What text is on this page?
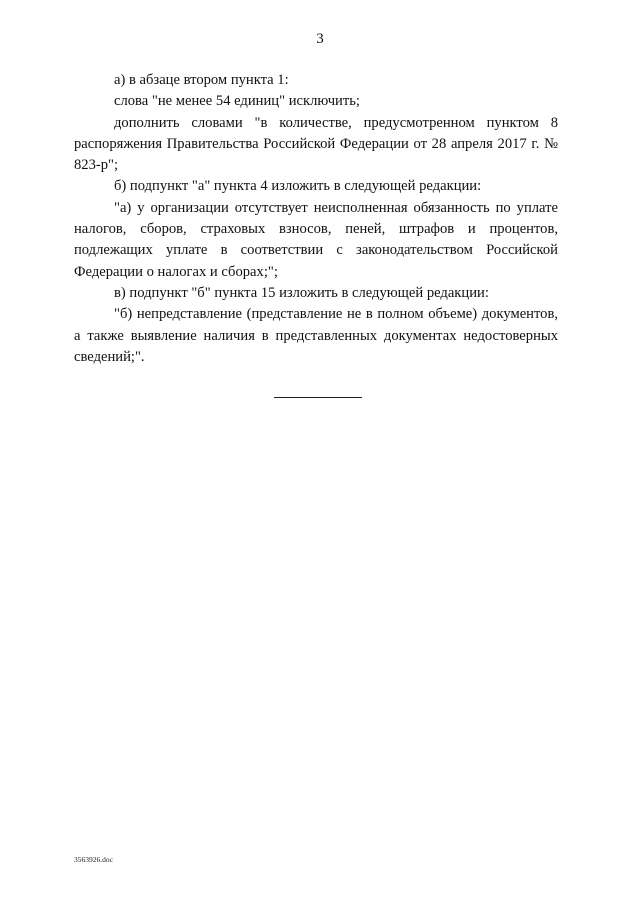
3

а) в абзаце втором пункта 1:

слова "не менее 54 единиц" исключить;

дополнить словами "в количестве, предусмотренном пунктом 8 распоряжения Правительства Российской Федерации от 28 апреля 2017 г. № 823-р";

б) подпункт "а" пункта 4 изложить в следующей редакции:

"а) у организации отсутствует неисполненная обязанность по уплате налогов, сборов, страховых взносов, пеней, штрафов и процентов, подлежащих уплате в соответствии с законодательством Российской Федерации о налогах и сборах;";

в) подпункт "б" пункта 15 изложить в следующей редакции:

"б) непредставление (представление не в полном объеме) документов, а также выявление наличия в представленных документах недостоверных сведений;".

3563926.doc
